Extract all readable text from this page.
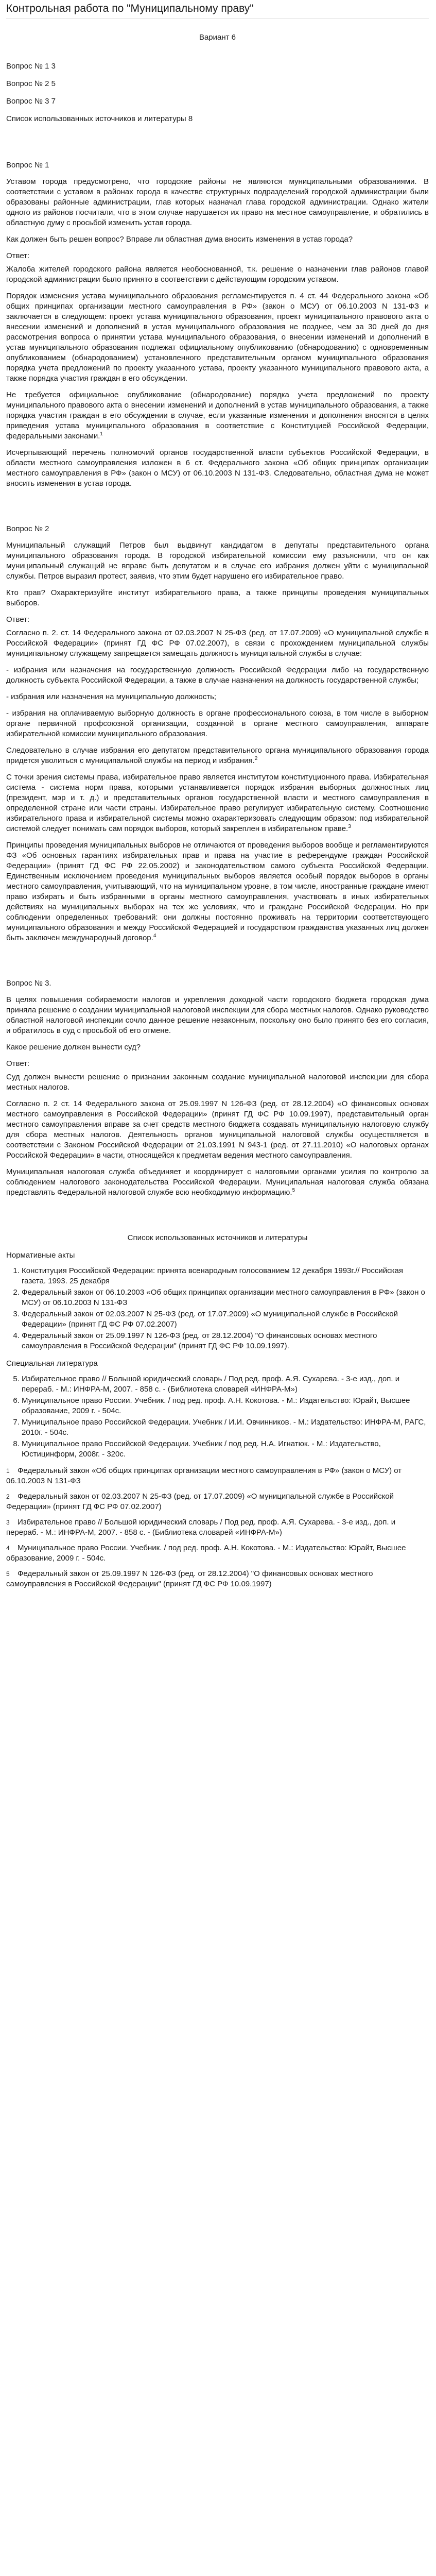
Контрольная работа по "Муниципальному праву"

Вариант 6

Вопрос № 1 3

Вопрос № 2 5

Вопрос № 3 7

Список использованных источников и литературы 8

Вопрос № 1

Уставом города предусмотрено, что городские районы не являются муниципальными образованиями. В соответствии с уставом в районах города в качестве структурных подразделений городской администрации были образованы районные администрации, глав которых назначал глава городской администрации. Однако жители одного из районов посчитали, что в этом случае нарушается их право на местное самоуправление, и обратились в областную думу с просьбой изменить устав города.

Как должен быть решен вопрос? Вправе ли областная дума вносить изменения в устав города?

Ответ:

Жалоба жителей городского района является необоснованной, т.к. решение о назначении глав районов главой городской администрации было принято в соответствии с действующим городским уставом.

Порядок изменения устава муниципального образования регламентируется п. 4 ст. 44 Федерального закона «Об общих принципах организации местного самоуправления в РФ» (закон о МСУ) от 06.10.2003 N 131-ФЗ и заключается в следующем: проект устава муниципального образования, проект муниципального правового акта о внесении изменений и дополнений в устав муниципального образования не позднее, чем за 30 дней до дня рассмотрения вопроса о принятии устава муниципального образования, о внесении изменений и дополнений в устав муниципального образования подлежат официальному опубликованию (обнародованию) с одновременным опубликованием (обнародованием) установленного представительным органом муниципального образования порядка учета предложений по проекту указанного устава, проекту указанного муниципального правового акта, а также порядка участия граждан в его обсуждении.

Не требуется официальное опубликование (обнародование) порядка учета предложений по проекту муниципального правового акта о внесении изменений и дополнений в устав муниципального образования, а также порядка участия граждан в его обсуждении в случае, если указанные изменения и дополнения вносятся в целях приведения устава муниципального образования в соответствие с Конституцией Российской Федерации, федеральными законами.$^1$

Исчерпывающий перечень полномочий органов государственной власти субъектов Российской Федерации, в области местного самоуправления изложен в 6 ст. Федерального закона «Об общих принципах организации местного самоуправления в РФ» (закон о МСУ) от 06.10.2003 N 131-ФЗ. Следовательно, областная дума не может вносить изменения в устав города.

Вопрос № 2

Муниципальный служащий Петров был выдвинут кандидатом в депутаты представительного органа муниципального образования города. В городской избирательной комиссии ему разъяснили, что он как муниципальный служащий не вправе быть депутатом и в случае его избрания должен уйти с муниципальной службы. Петров выразил протест, заявив, что этим будет нарушено его избирательное право.

Кто прав? Охарактеризуйте институт избирательного права, а также принципы проведения муниципальных выборов.

Ответ:

Согласно п. 2. ст. 14 Федерального закона от 02.03.2007 N 25-ФЗ (ред. от 17.07.2009) «О муниципальной службе в Российской Федерации» (принят ГД ФС РФ 07.02.2007), в связи с прохождением муниципальной службы муниципальному служащему запрещается замещать должность муниципальной службы в случае:

- избрания или назначения на государственную должность Российской Федерации либо на государственную должность субъекта Российской Федерации, а также в случае назначения на должность государственной службы;

- избрания или назначения на муниципальную должность;

- избрания на оплачиваемую выборную должность в органе профессионального союза, в том числе в выборном органе первичной профсоюзной организации, созданной в органе местного самоуправления, аппарате избирательной комиссии муниципального образования.

Следовательно в случае избрания его депутатом представительного органа муниципального образования города придется уволиться с муниципальной службы на период и избрания.$^2$

С точки зрения системы права, избирательное право является институтом конституционного права. Избирательная система - система норм права, которыми устанавливается порядок избрания выборных должностных лиц (президент, мэр и т. д.) и представительных органов государственной власти и местного самоуправления в определенной стране или части страны. Избирательное право регулирует избирательную систему. Соотношение избирательного права и избирательной системы можно охарактеризовать следующим образом: под избирательной системой следует понимать сам порядок выборов, который закреплен в избирательном праве.$^3$

Принципы проведения муниципальных выборов не отличаются от проведения выборов вообще и регламентируются ФЗ «Об основных гарантиях избирательных прав и права на участие в референдуме граждан Российской Федерации» (принят ГД ФС РФ 22.05.2002) и законодательством самого субъекта Российской Федерации. Единственным исключением проведения муниципальных выборов является особый порядок выборов в органы местного самоуправления, учитывающий, что на муниципальном уровне, в том числе, иностранные граждане имеют право избирать и быть избранными в органы местного самоуправления, участвовать в иных избирательных действиях на муниципальных выборах на тех же условиях, что и граждане Российской Федерации. Но при соблюдении определенных требований: они должны постоянно проживать на территории соответствующего муниципального образования и между Российской Федерацией и государством гражданства указанных лиц должен быть заключен международный договор.$^4$

Вопрос № 3.

В целях повышения собираемости налогов и укрепления доходной части городского бюджета городская дума приняла решение о создании муниципальной налоговой инспекции для сбора местных налогов. Однако руководство областной налоговой инспекции сочло данное решение незаконным, поскольку оно было принято без его согласия, и обратилось в суд с просьбой об его отмене.

Какое решение должен вынести суд?

Ответ:

Суд должен вынести решение о признании законным создание муниципальной налоговой инспекции для сбора местных налогов.

Согласно п. 2 ст. 14 Федерального закона от 25.09.1997 N 126-ФЗ (ред. от 28.12.2004) «О финансовых основах местного самоуправления в Российской Федерации» (принят ГД ФС РФ 10.09.1997), представительный орган местного самоуправления вправе за счет средств местного бюджета создавать муниципальную налоговую службу для сбора местных налогов. Деятельность органов муниципальной налоговой службы осуществляется в соответствии с Законом Российской Федерации от 21.03.1991 N 943-1 (ред. от 27.11.2010) «О налоговых органах Российской Федерации» в части, относящейся к предметам ведения местного самоуправления.

Муниципальная налоговая служба объединяет и координирует с налоговыми органами усилия по контролю за соблюдением налогового законодательства Российской Федерации. Муниципальная налоговая служба обязана представлять Федеральной налоговой службе всю необходимую информацию.$^5$

Список использованных источников и литературы

Нормативные акты

1. Конституция Российской Федерации: принята всенародным голосованием 12 декабря 1993г.// Российская газета. 1993. 25 декабря
2. Федеральный закон от 06.10.2003 «Об общих принципах организации местного самоуправления в РФ» (закон о МСУ) от 06.10.2003 N 131-ФЗ
3. Федеральный закон от 02.03.2007 N 25-ФЗ (ред. от 17.07.2009) «О муниципальной службе в Российской Федерации» (принят ГД ФС РФ 07.02.2007)
4. Федеральный закон от 25.09.1997 N 126-ФЗ (ред. от 28.12.2004) "О финансовых основах местного самоуправления в Российской Федерации" (принят ГД ФС РФ 10.09.1997).

Специальная литература

5. Избирательное право // Большой юридический словарь / Под ред. проф. А.Я. Сухарева. - 3-е изд., доп. и перераб. - М.: ИНФРА-М, 2007. - 858 с. - (Библиотека словарей «ИНФРА-М»)
6. Муниципальное право России. Учебник. / под ред. проф. А.Н. Кокотова. - М.: Издательство: Юрайт, Высшее образование, 2009 г. - 504с.
7. Муниципальное право Российской Федерации. Учебник / И.И. Овчинников. - М.: Издательство: ИНФРА-М, РАГС, 2010г. - 504с.
8. Муниципальное право Российской Федерации. Учебник / под ред. Н.А. Игнатюк. - М.: Издательство, Юстицинформ, 2008г. - 320с.

1 Федеральный закон «Об общих принципах организации местного самоуправления в РФ» (закон о МСУ) от 06.10.2003 N 131-ФЗ

2 Федеральный закон от 02.03.2007 N 25-ФЗ (ред. от 17.07.2009) «О муниципальной службе в Российской Федерации» (принят ГД ФС РФ 07.02.2007)

3 Избирательное право // Большой юридический словарь / Под ред. проф. А.Я. Сухарева. - 3-е изд., доп. и перераб. - М.: ИНФРА-М, 2007. - 858 с. - (Библиотека словарей «ИНФРА-М»)

4 Муниципальное право России. Учебник. / под ред. проф. А.Н. Кокотова. - М.: Издательство: Юрайт, Высшее образование, 2009 г. - 504с.

5 Федеральный закон от 25.09.1997 N 126-ФЗ (ред. от 28.12.2004) "О финансовых основах местного самоуправления в Российской Федерации" (принят ГД ФС РФ 10.09.1997)
